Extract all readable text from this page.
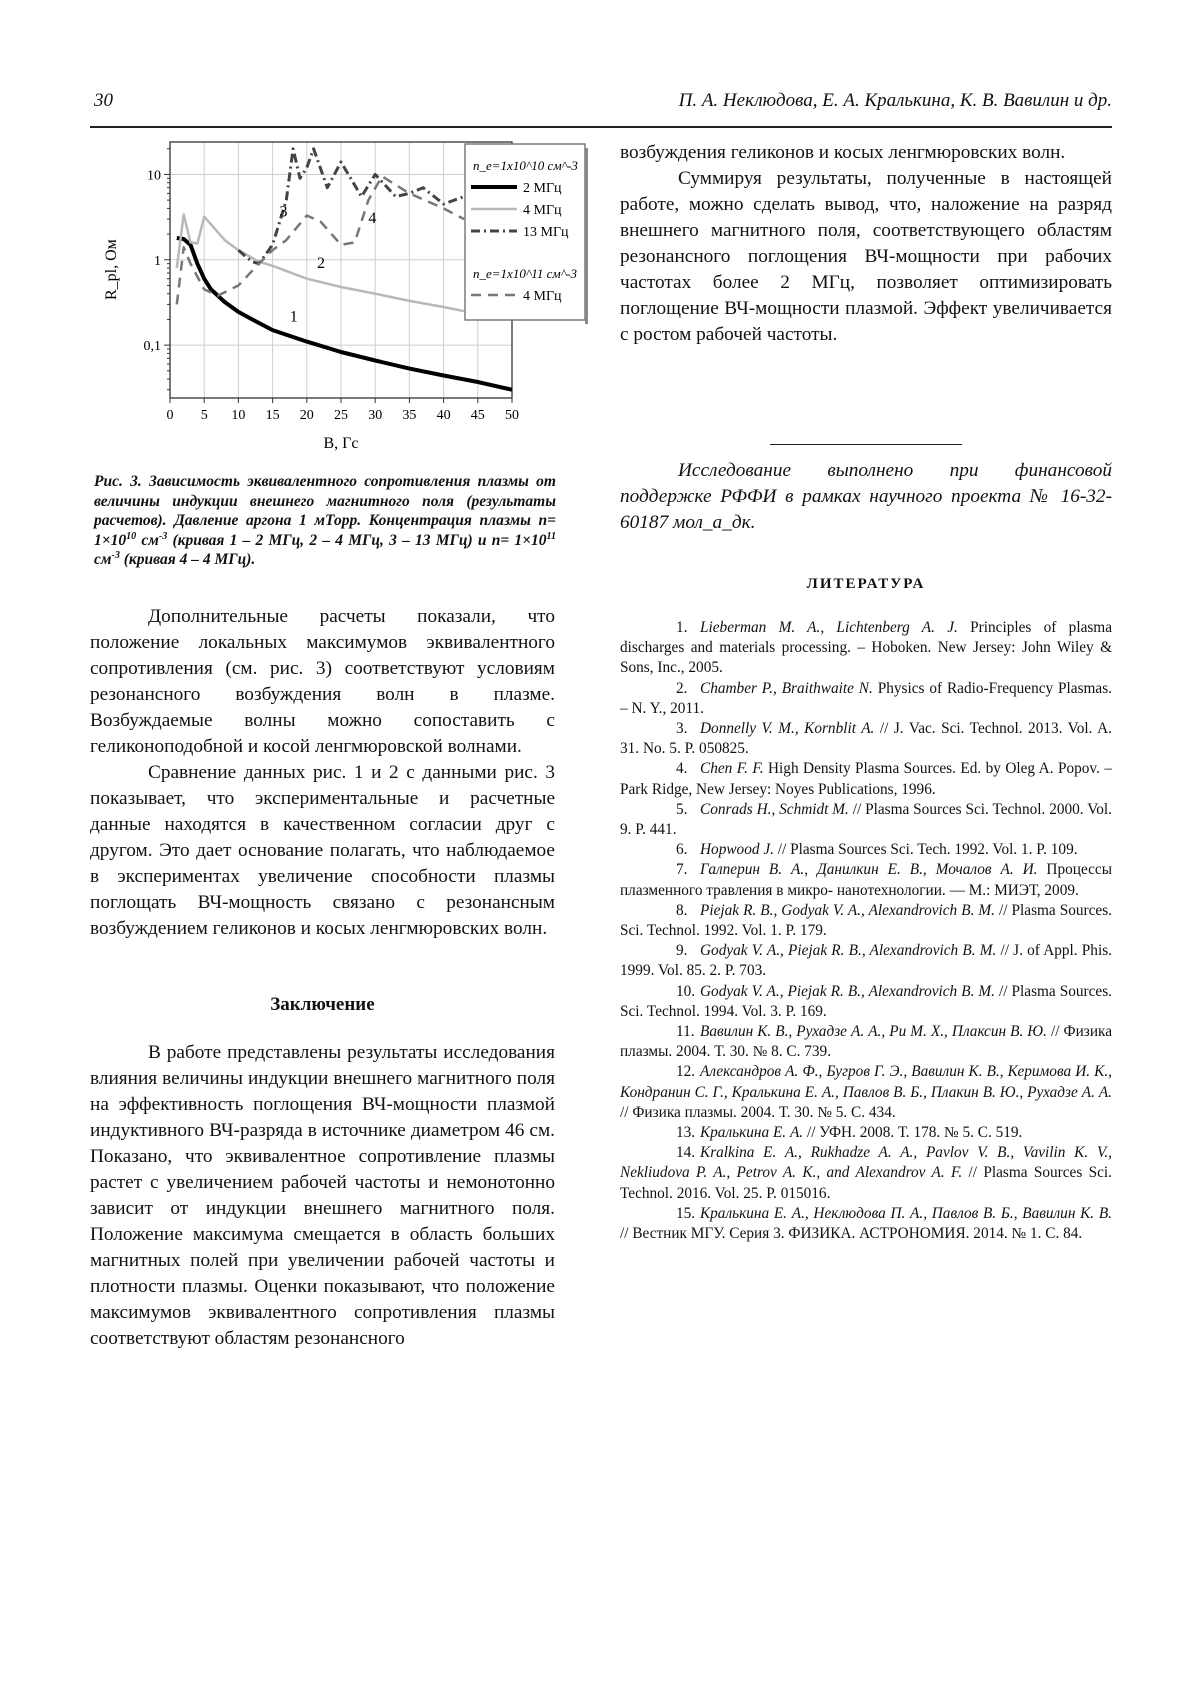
30	П. А. Неклюдова, Е. А. Кралькина, К. В. Вавилин и др.
0 5 10 15 20 25 30 35 40 45 50
0,1
1
10
1
2
3	4
R_pl, Ом
B, Гс
n_e=1x10^10 см^-3
n_e=1x10^11 см^-3
2 МГц
4 МГц
13 МГц
4 МГц
Рис. 3. Зависимость эквивалентного сопротивления плазмы от величины индукции внешнего магнитного поля (результаты расчетов). Давление аргона 1 мТорр. Концентрация плазмы $n= 1\times 10^{10}$ $см^{-3}$ (кривая 1 – 2 МГц, 2 – 4 МГц, 3 – 13 МГц) и $n= 1\times 10^{11}$ $см^{-3}$ (кривая 4 – 4 МГц).

Дополнительные расчеты показали, что положение локальных максимумов эквивалентного сопротивления (см. рис. 3) соответствуют условиям резонансного возбуждения волн в плазме. Возбуждаемые волны можно сопоставить с геликоноподобной и косой ленгмюровской волнами.

Сравнение данных рис. 1 и 2 с данными рис. 3 показывает, что экспериментальные и расчетные данные находятся в качественном согласии друг с другом. Это дает основание полагать, что наблюдаемое в экспериментах увеличение способности плазмы поглощать ВЧ-мощность связано с резонансным возбуждением геликонов и косых ленгмюровских волн.

Заключение

В работе представлены результаты исследования влияния величины индукции внешнего магнитного поля на эффективность поглощения ВЧ-мощности плазмой индуктивного ВЧ-разряда в источнике диаметром 46 см. Показано, что эквивалентное сопротивление плазмы растет с увеличением рабочей частоты и немонотонно зависит от индукции внешнего магнитного поля. Положение максимума смещается в область больших магнитных полей при увеличении рабочей частоты и плотности плазмы. Оценки показывают, что положение максимумов эквивалентного сопротивления плазмы соответствуют областям резонансного

возбуждения геликонов и косых ленгмюровских волн.

Суммируя результаты, полученные в настоящей работе, можно сделать вывод, что, наложение на разряд внешнего магнитного поля, соответствующего областям резонансного поглощения ВЧ-мощности при рабочих частотах более 2 МГц, позволяет оптимизировать поглощение ВЧ-мощности плазмой. Эффект увеличивается с ростом рабочей частоты.

Исследование выполнено при финансовой поддержке РФФИ в рамках научного проекта № 16-32-60187 мол_а_дк.
ЛИТЕРАТУРА
1. Lieberman M. A., Lichtenberg A. J. Principles of plasma discharges and materials processing. – Hoboken. New Jersey: John Wiley & Sons, Inc., 2005.
2. Chamber P., Braithwaite N. Physics of Radio-Frequency Plasmas. – N. Y., 2011.
3. Donnelly V. M., Kornblit A. // J. Vac. Sci. Technol. 2013. Vol. A. 31. No. 5. P. 050825.
4. Chen F. F. High Density Plasma Sources. Ed. by Oleg A. Popov. – Park Ridge, New Jersey: Noyes Publications, 1996.
5. Conrads H., Schmidt M. // Plasma Sources Sci. Technol. 2000. Vol. 9. P. 441.
6. Hopwood J. // Plasma Sources Sci. Tech. 1992. Vol. 1. P. 109.
7. Галперин В. А., Данилкин Е. В., Мочалов А. И. Процессы плазменного травления в микро- нанотехнологии. — М.: МИЭТ, 2009.
8. Piejak R. B., Godyak V. A., Alexandrovich B. M. // Plasma Sources. Sci. Technol. 1992. Vol. 1. P. 179.
9. Godyak V. A., Piejak R. B., Alexandrovich B. M. // J. of Appl. Phis. 1999. Vol. 85. 2. P. 703.
10. Godyak V. A., Piejak R. B., Alexandrovich B. M. // Plasma Sources. Sci. Technol. 1994. Vol. 3. P. 169.
11. Вавилин К. В., Рухадзе А. А., Ри М. Х., Плаксин В. Ю. // Физика плазмы. 2004. Т. 30. № 8. С. 739.
12. Александров А. Ф., Бугров Г. Э., Вавилин К. В., Керимова И. К., Кондранин С. Г., Кралькина Е. А., Павлов В. Б., Плакин В. Ю., Рухадзе А. А. // Физика плазмы. 2004. Т. 30. № 5. С. 434.
13. Кралькина Е. А. // УФН. 2008. Т. 178. № 5. С. 519.
14. Kralkina E. A., Rukhadze A. A., Pavlov V. B., Vavilin K. V., Nekliudova P. A., Petrov A. K., and Alexandrov A. F. // Plasma Sources Sci. Technol. 2016. Vol. 25. P. 015016.
15. Кралькина Е. А., Неклюдова П. А., Павлов В. Б., Вавилин К. В. // Вестник МГУ. Серия 3. ФИЗИКА. АСТРОНОМИЯ. 2014. № 1. С. 84.
